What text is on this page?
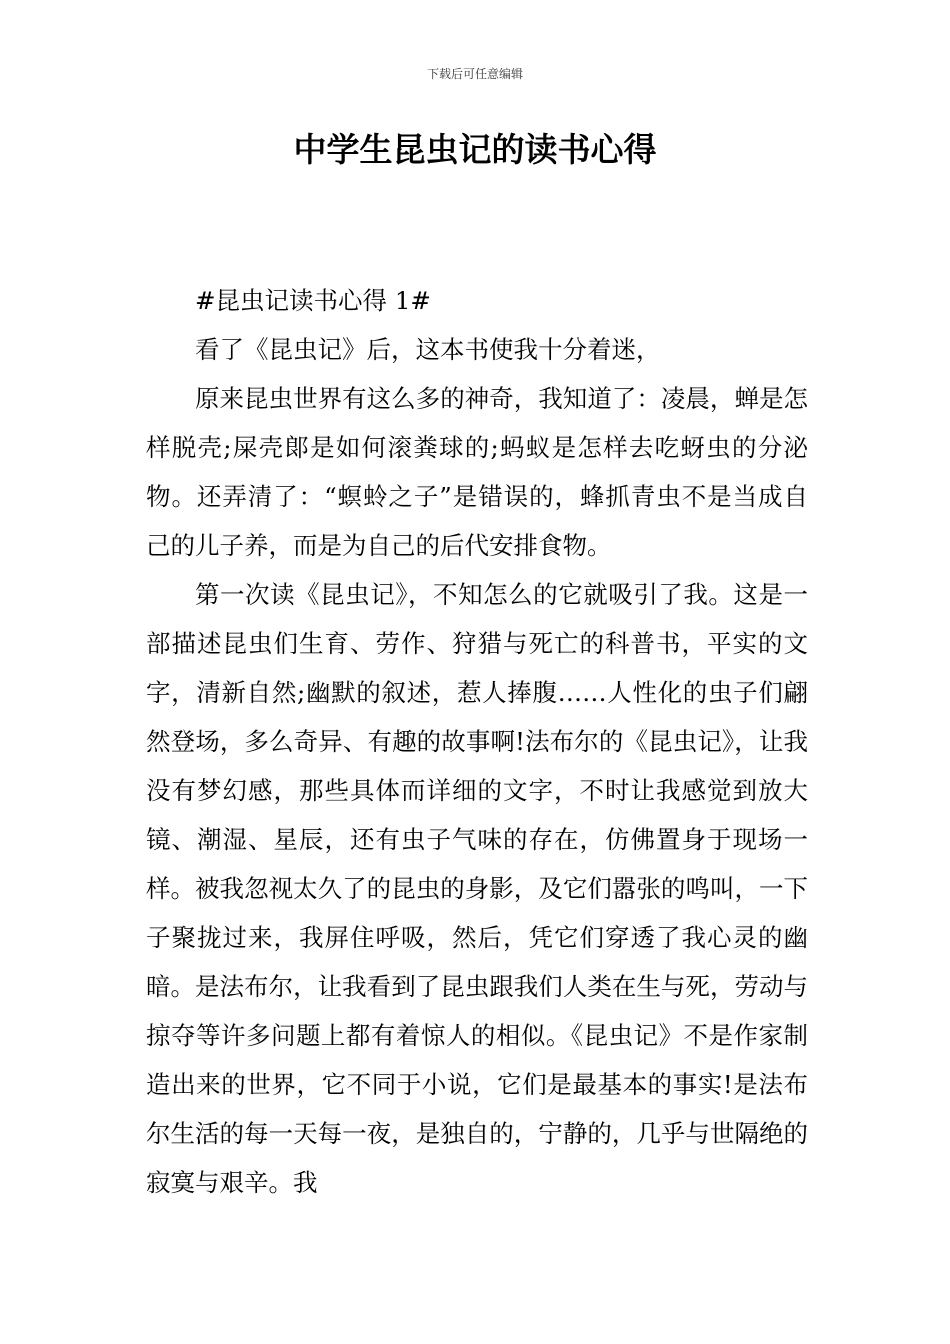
下载后可任意编辑
中学生昆虫记的读书心得

#昆虫记读书心得 1#

看了《昆虫记》后，这本书使我十分着迷，

原来昆虫世界有这么多的神奇，我知道了：凌晨，蝉是怎样脱壳;屎壳郞是如何滚粪球的;蚂蚁是怎样去吃蚜虫的分泌物。还弄清了：“螟蛉之子”是错误的，蜂抓青虫不是当成自己的儿子养，而是为自己的后代安排食物。

第一次读《昆虫记》，不知怎么的它就吸引了我。这是一部描述昆虫们生育、劳作、狩猎与死亡的科普书，平实的文字，清新自然;幽默的叙述，惹人捧腹……人性化的虫子们翩然登场，多么奇异、有趣的故事啊!法布尔的《昆虫记》，让我没有梦幻感，那些具体而详细的文字，不时让我感觉到放大镜、潮湿、星辰，还有虫子气味的存在，仿佛置身于现场一样。被我忽视太久了的昆虫的身影，及它们嚣张的鸣叫，一下子聚拢过来，我屏住呼吸，然后，凭它们穿透了我心灵的幽暗。是法布尔，让我看到了昆虫跟我们人类在生与死，劳动与掠夺等许多问题上都有着惊人的相似。《昆虫记》不是作家制造出来的世界，它不同于小说，它们是最基本的事实!是法布尔生活的每一天每一夜，是独自的，宁静的，几乎与世隔绝的寂寞与艰辛。我
